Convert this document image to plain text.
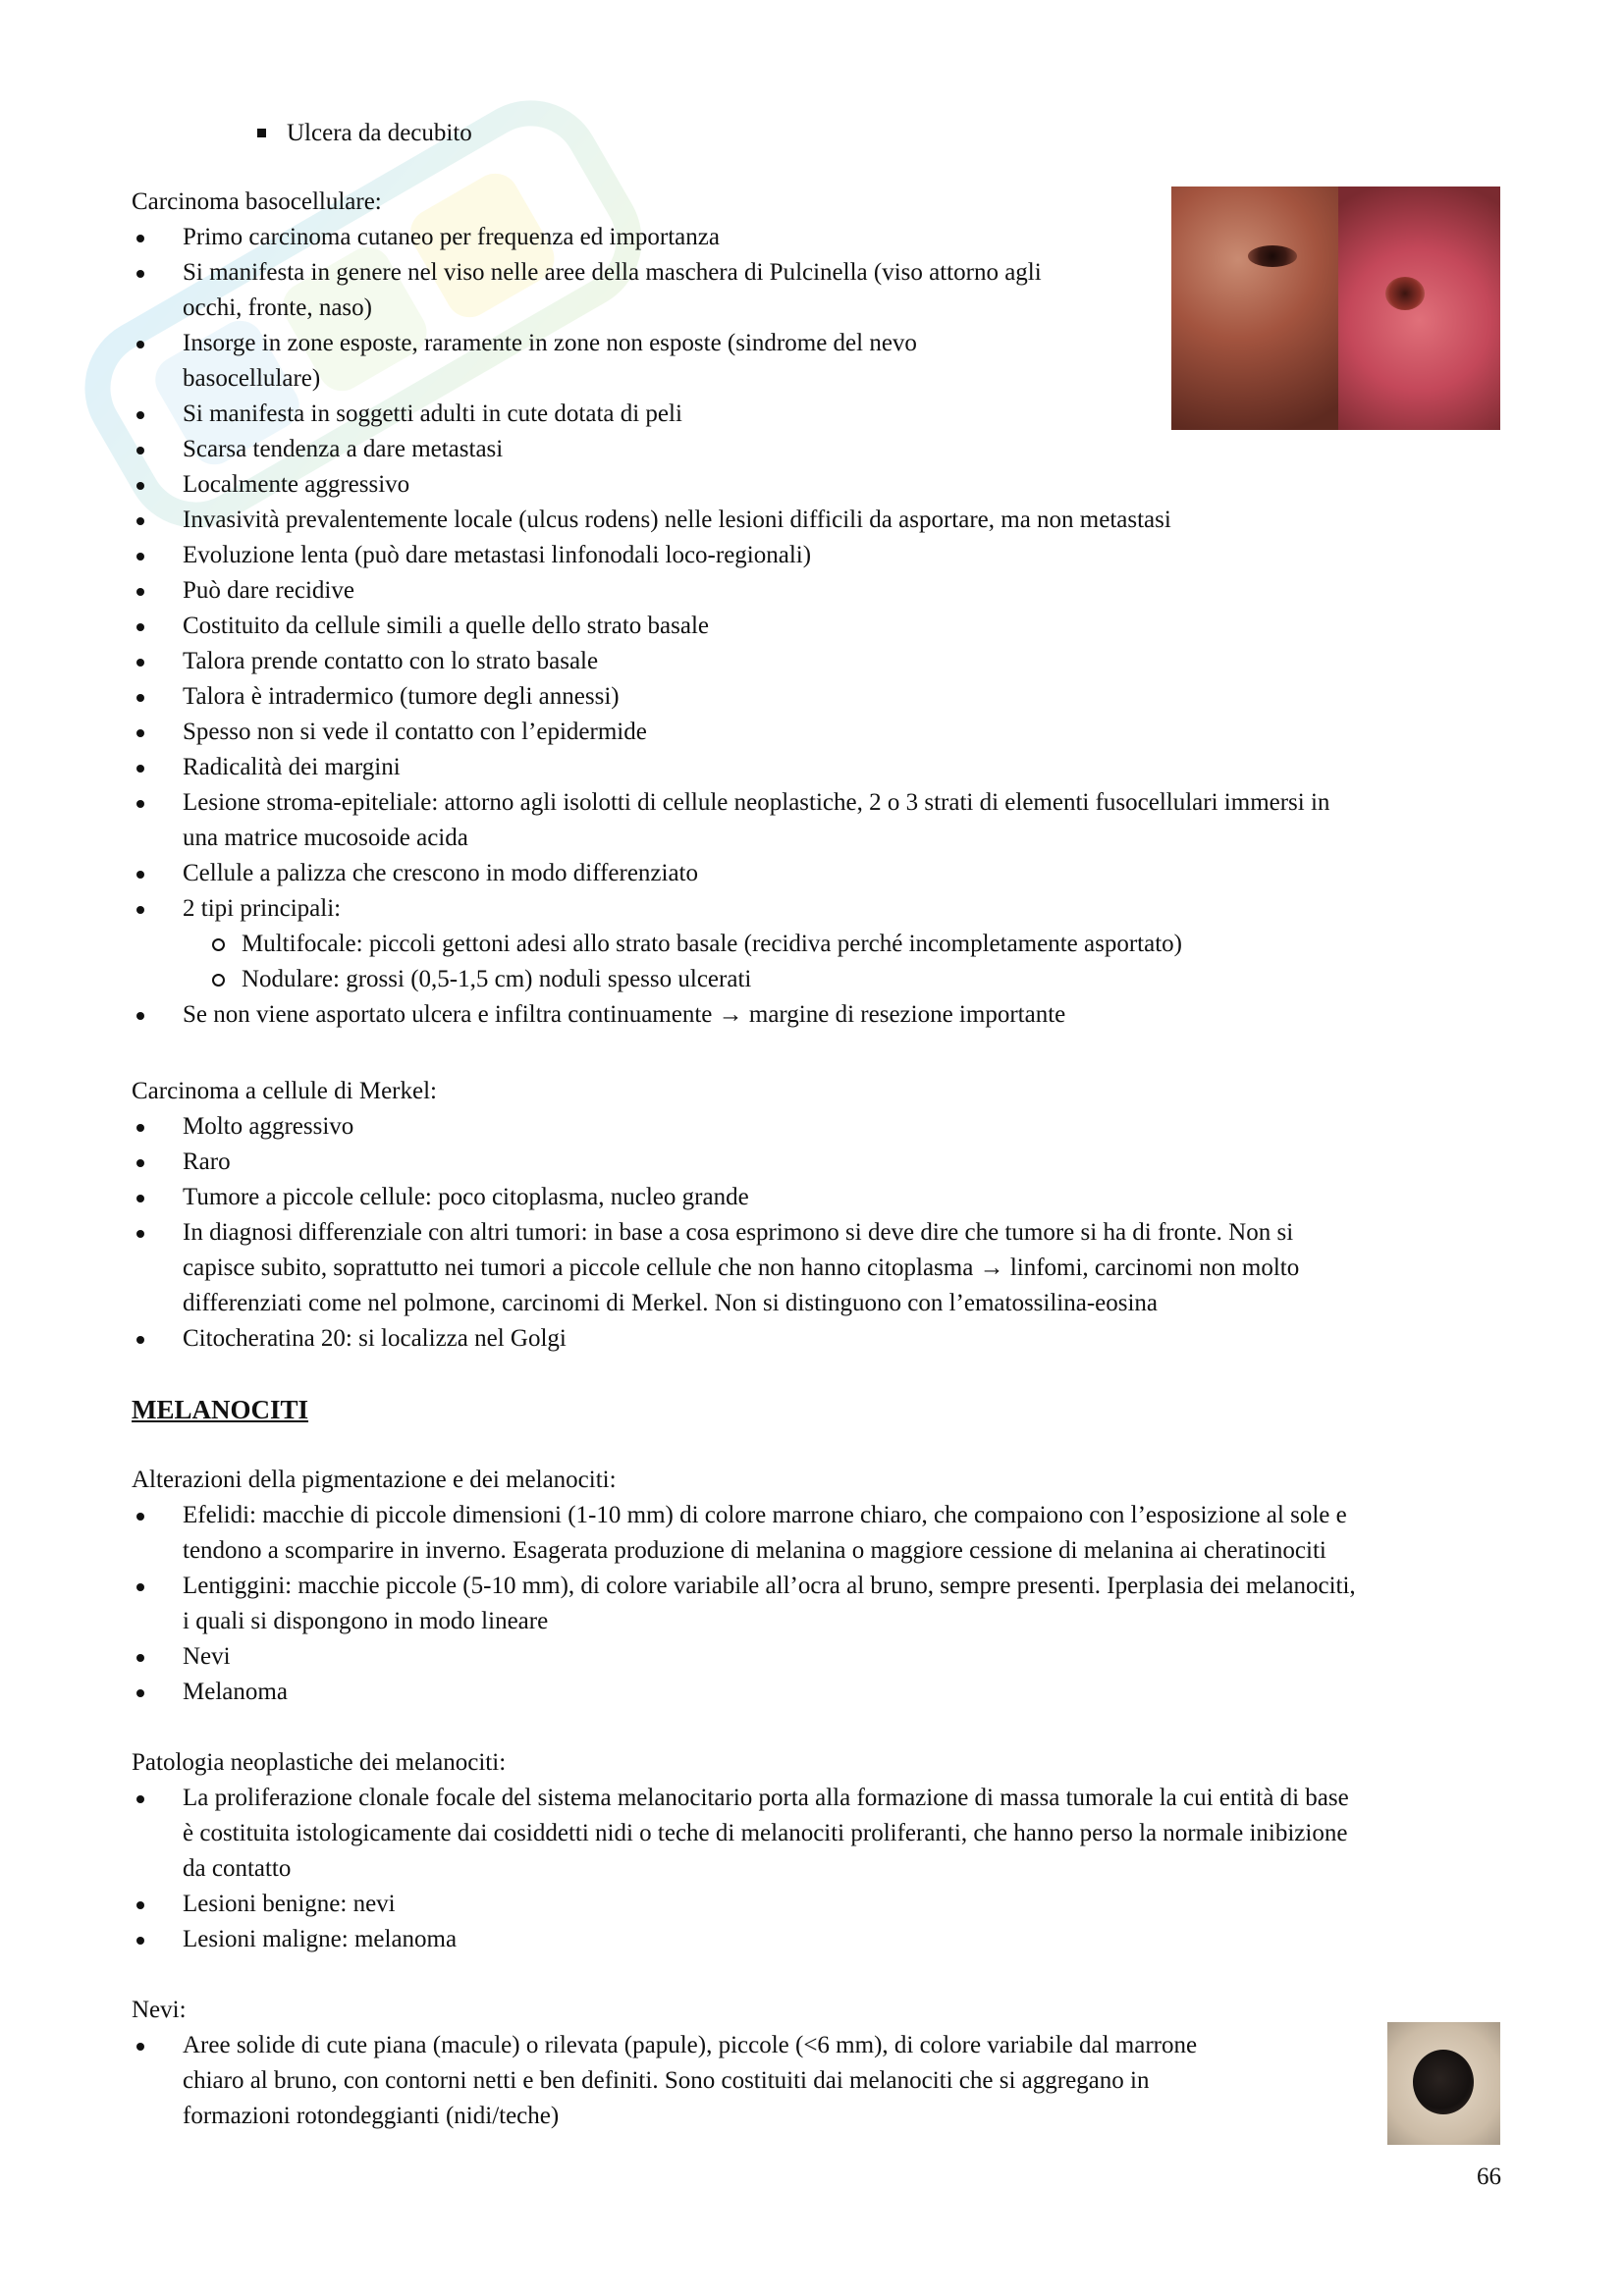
Ulcera da decubito
Carcinoma basocellulare:
Primo carcinoma cutaneo per frequenza ed importanza
Si manifesta in genere nel viso nelle aree della maschera di Pulcinella (viso attorno agli
occhi, fronte, naso)
Insorge in zone esposte, raramente in zone non esposte (sindrome del nevo
basocellulare)
Si manifesta in soggetti adulti in cute dotata di peli
Scarsa tendenza a dare metastasi
Localmente aggressivo
Invasività prevalentemente locale (ulcus rodens) nelle lesioni difficili da asportare, ma non metastasi
Evoluzione lenta (può dare metastasi linfonodali loco-regionali)
Può dare recidive
Costituito da cellule simili a quelle dello strato basale
Talora prende contatto con lo strato basale
Talora è intradermico (tumore degli annessi)
Spesso non si vede il contatto con l’epidermide
Radicalità dei margini
Lesione stroma-epiteliale: attorno agli isolotti di cellule neoplastiche, 2 o 3 strati di elementi fusocellulari immersi in
una matrice mucosoide acida
Cellule a palizza che crescono in modo differenziato
2 tipi principali:
Multifocale: piccoli gettoni adesi allo strato basale (recidiva perché incompletamente asportato)
Nodulare: grossi (0,5-1,5 cm) noduli spesso ulcerati
Se non viene asportato ulcera e infiltra continuamente → margine di resezione importante
Carcinoma a cellule di Merkel:
Molto aggressivo
Raro
Tumore a piccole cellule: poco citoplasma, nucleo grande
In diagnosi differenziale con altri tumori: in base a cosa esprimono si deve dire che tumore si ha di fronte. Non si
capisce subito, soprattutto nei tumori a piccole cellule che non hanno citoplasma → linfomi, carcinomi non molto
differenziati come nel polmone, carcinomi di Merkel. Non si distinguono con l’ematossilina-eosina
Citocheratina 20: si localizza nel Golgi
MELANOCITI
Alterazioni della pigmentazione e dei melanociti:
Efelidi: macchie di piccole dimensioni (1-10 mm) di colore marrone chiaro, che compaiono con l’esposizione al sole e
tendono a scomparire in inverno. Esagerata produzione di melanina o maggiore cessione di melanina ai cheratinociti
Lentiggini: macchie piccole (5-10 mm), di colore variabile all’ocra al bruno, sempre presenti. Iperplasia dei melanociti,
i quali si dispongono in modo lineare
Nevi
Melanoma
Patologia neoplastiche dei melanociti:
La proliferazione clonale focale del sistema melanocitario porta alla formazione di massa tumorale la cui entità di base
è costituita istologicamente dai cosiddetti nidi o teche di melanociti proliferanti, che hanno perso la normale inibizione
da contatto
Lesioni benigne: nevi
Lesioni maligne: melanoma
Nevi:
Aree solide di cute piana (macule) o rilevata (papule), piccole (<6 mm), di colore variabile dal marrone
chiaro al bruno, con contorni netti e ben definiti. Sono costituiti dai melanociti che si aggregano in
formazioni rotondeggianti (nidi/teche)
66
